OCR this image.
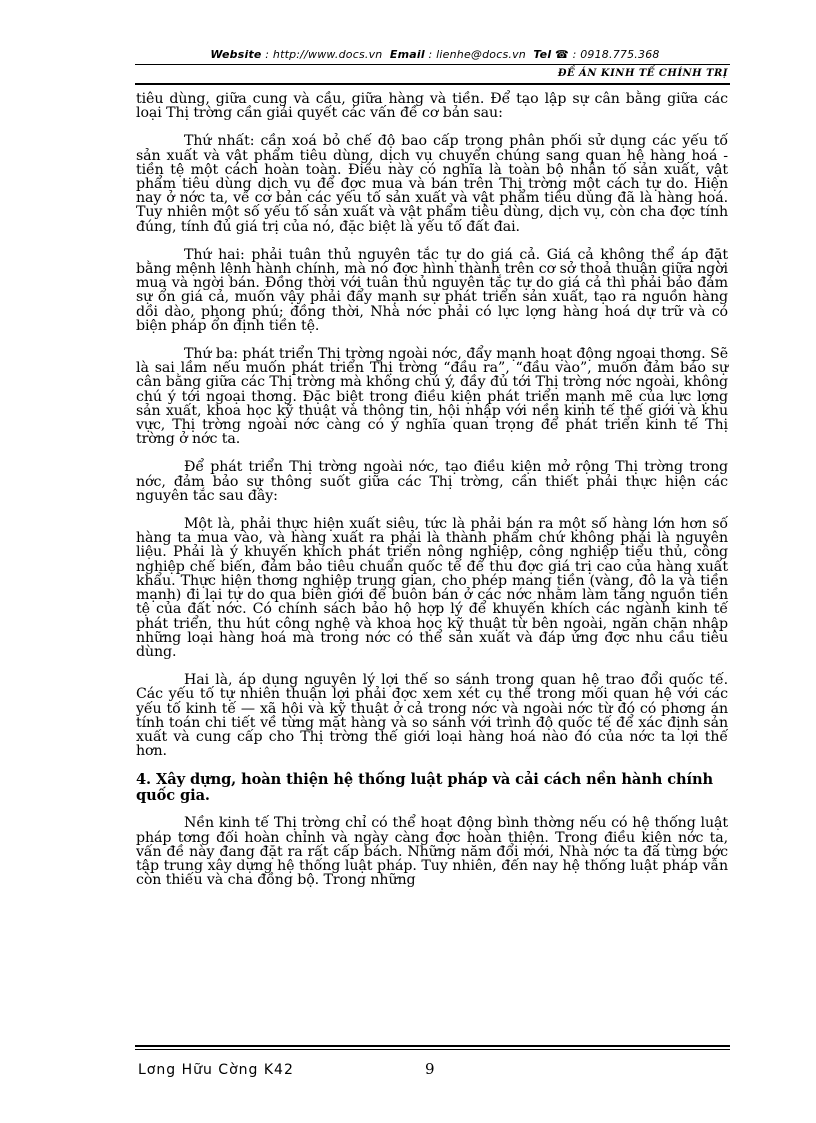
Website : http://www.docs.vn Email : lienhe@docs.vn Tel ☎ : 0918.775.368
ĐỀ ÁN KINH TẾ CHÍNH TRỊ

tiêu dùng, giữa cung và cầu, giữa hàng và tiền. Để tạo lập sự cân bằng giữa các loại Thị trờng cần giải quyết các vấn đề cơ bản sau:

Thứ nhất: cần xoá bỏ chế độ bao cấp trong phân phối sử dụng các yếu tố sản xuất và vật phẩm tiêu dùng, dịch vụ chuyển chúng sang quan hệ hàng hoá - tiền tệ một cách hoàn toàn. Điều này có nghĩa là toàn bộ nhân tố sản xuất, vật phẩm tiêu dùng dịch vụ để đợc mua và bán trên Thị trờng một cách tự do. Hiện nay ở nớc ta, về cơ bản các yếu tố sản xuất và vật phẩm tiêu dùng đã là hàng hoá. Tuy nhiên một số yếu tố sản xuất và vật phẩm tiêu dùng, dịch vụ, còn cha đợc tính đúng, tính đủ giá trị của nó, đặc biệt là yếu tố đất đai.

Thứ hai: phải tuân thủ nguyên tắc tự do giá cả. Giá cả không thể áp đặt bằng mệnh lệnh hành chính, mà nó đợc hình thành trên cơ sở thoả thuận giữa ngời mua và ngời bán. Đồng thời với tuân thủ nguyên tắc tự do giá cả thì phải bảo đảm sự ổn giá cả, muốn vậy phải đẩy mạnh sự phát triển sản xuất, tạo ra nguồn hàng dồi dào, phong phú; đồng thời, Nhà nớc phải có lực lợng hàng hoá dự trữ và có biện pháp ổn định tiền tệ.

Thứ ba: phát triển Thị trờng ngoài nớc, đẩy mạnh hoạt động ngoại thơng. Sẽ là sai lầm nếu muốn phát triển Thị trờng “đầu ra”, “đầu vào”, muốn đảm bảo sự cân bằng giữa các Thị trờng mà không chú ý, đầy đủ tới Thị trờng nớc ngoài, không chú ý tới ngoại thơng. Đặc biệt trong điều kiện phát triển mạnh mẽ của lực lợng sản xuất, khoa học kỹ thuật và thông tin, hội nhập với nền kinh tế thế giới và khu vực, Thị trờng ngoài nớc càng có ý nghĩa quan trọng để phát triển kinh tế Thị trờng ở nớc ta.

Để phát triển Thị trờng ngoài nớc, tạo điều kiện mở rộng Thị trờng trong nớc, đảm bảo sự thông suốt giữa các Thị trờng, cần thiết phải thực hiện các nguyên tắc sau đây:

Một là, phải thực hiện xuất siêu, tức là phải bán ra một số hàng lớn hơn số hàng ta mua vào, và hàng xuất ra phải là thành phẩm chứ không phải là nguyên liệu. Phải là ý khuyến khích phát triển nông nghiệp, công nghiệp tiểu thủ, công nghiệp chế biến, đảm bảo tiêu chuẩn quốc tế để thu đợc giá trị cao của hàng xuất khẩu. Thực hiện thơng nghiệp trung gian, cho phép mang tiền (vàng, đô la và tiền mạnh) đi lại tự do qua biên giới để buôn bán ở các nớc nhằm làm tăng nguồn tiền tệ của đất nớc. Có chính sách bảo hộ hợp lý để khuyến khích các ngành kinh tế phát triển, thu hút công nghệ và khoa học kỹ thuật từ bên ngoài, ngăn chặn nhập những loại hàng hoá mà trong nớc có thể sản xuất và đáp ứng đợc nhu cầu tiêu dùng.

Hai là, áp dụng nguyên lý lợi thế so sánh trong quan hệ trao đổi quốc tế. Các yếu tố tự nhiên thuận lợi phải đợc xem xét cụ thể trong mối quan hệ với các yếu tố kinh tế — xã hội và kỹ thuật ở cả trong nớc và ngoài nớc từ đó có phơng án tính toán chi tiết về từng mặt hàng và so sánh với trình độ quốc tế để xác định sản xuất và cung cấp cho Thị trờng thế giới loại hàng hoá nào đó của nớc ta lợi thế hơn.

4. Xây dựng, hoàn thiện hệ thống luật pháp và cải cách nền hành chính quốc gia.

Nền kinh tế Thị trờng chỉ có thể hoạt động bình thờng nếu có hệ thống luật pháp tơng đối hoàn chỉnh và ngày càng đợc hoàn thiện. Trong điều kiện nớc ta, vấn đề này đang đặt ra rất cấp bách. Những năm đổi mới, Nhà nớc ta đã từng bớc tập trung xây dựng hệ thống luật pháp. Tuy nhiên, đến nay hệ thống luật pháp vẫn còn thiếu và cha đồng bộ. Trong những

Lơng Hữu Cờng K42	9
